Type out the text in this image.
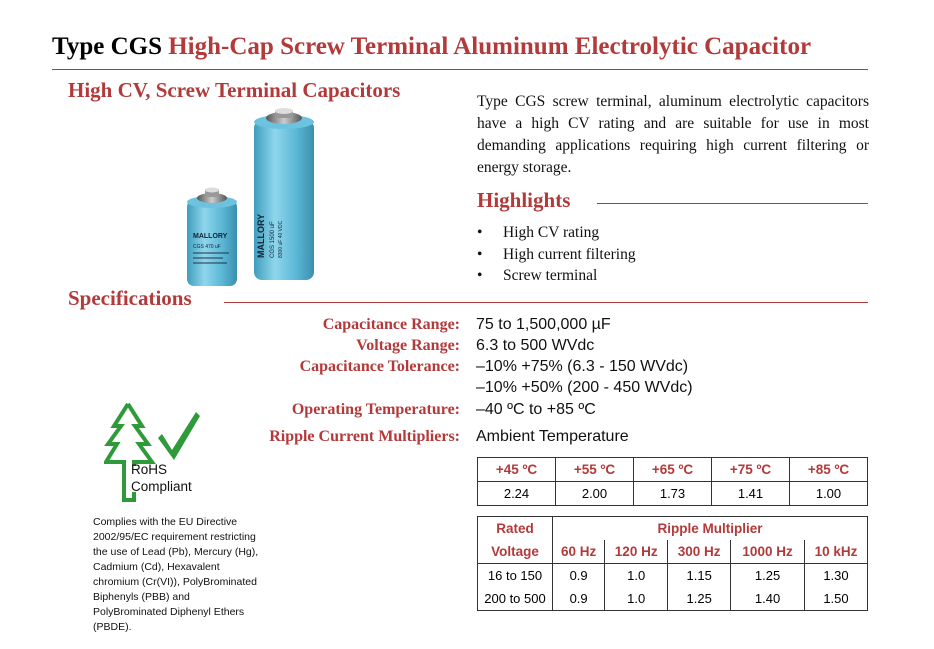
Type CGS High-Cap Screw Terminal Aluminum Electrolytic Capacitor
High CV, Screw Terminal Capacitors
MALLORY CGS 1500 uF 8300 uF 40 VDC
MALLORY
CGS 470 uF
Type CGS screw terminal, aluminum electrolytic capacitors have a high CV rating and are suitable for use in most demanding applications requiring high current filtering or energy storage.
Highlights
•	High CV rating
•	High current filtering
•	Screw terminal
Specifications
Capacitance Range: 75 to 1,500,000 µF
Voltage Range: 6.3 to 500 WVdc
Capacitance Tolerance: –10% +75% (6.3 - 150 WVdc)
–10% +50% (200 - 450 WVdc)
Operating Temperature: –40 ºC to +85 ºC
Ripple Current Multipliers: Ambient Temperature
+45 ºC	+55 ºC	+65 ºC	+75 ºC	+85 ºC
2.24	2.00	1.73	1.41	1.00
Rated	Ripple Multiplier				
Voltage	60 Hz	120 Hz	300 Hz	1000 Hz	10 kHz
16 to 150	0.9	1.0	1.15	1.25	1.30
200 to 500	0.9	1.0	1.25	1.40	1.50
RoHS
Compliant
Complies with the EU Directive 2002/95/EC requirement restricting the use of Lead (Pb), Mercury (Hg), Cadmium (Cd), Hexavalent chromium (Cr(VI)), PolyBrominated Biphenyls (PBB) and PolyBrominated Diphenyl Ethers (PBDE).
